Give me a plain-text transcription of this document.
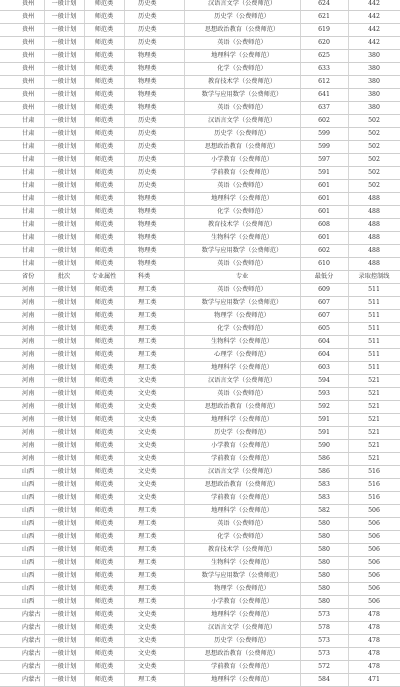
贵州	一般计划	师范类	历史类	汉语言文学（公费师范）	624	442
贵州	一般计划	师范类	历史类	历史学（公费师范）	621	442
贵州	一般计划	师范类	历史类	思想政治教育（公费师范）	619	442
贵州	一般计划	师范类	历史类	英语（公费师范）	620	442
贵州	一般计划	师范类	物理类	地理科学（公费师范）	625	380
贵州	一般计划	师范类	物理类	化学（公费师范）	633	380
贵州	一般计划	师范类	物理类	教育技术学（公费师范）	612	380
贵州	一般计划	师范类	物理类	数学与应用数学（公费师范）	641	380
贵州	一般计划	师范类	物理类	英语（公费师范）	637	380
甘肃	一般计划	师范类	历史类	汉语言文学（公费师范）	602	502
甘肃	一般计划	师范类	历史类	历史学（公费师范）	599	502
甘肃	一般计划	师范类	历史类	思想政治教育（公费师范）	599	502
甘肃	一般计划	师范类	历史类	小学教育（公费师范）	597	502
甘肃	一般计划	师范类	历史类	学前教育（公费师范）	591	502
甘肃	一般计划	师范类	历史类	英语（公费师范）	601	502
甘肃	一般计划	师范类	物理类	地理科学（公费师范）	601	488
甘肃	一般计划	师范类	物理类	化学（公费师范）	601	488
甘肃	一般计划	师范类	物理类	教育技术学（公费师范）	608	488
甘肃	一般计划	师范类	物理类	生物科学（公费师范）	601	488
甘肃	一般计划	师范类	物理类	数学与应用数学（公费师范）	602	488
甘肃	一般计划	师范类	物理类	英语（公费师范）	610	488
省份	批次	专业属性	科类	专业	最低分	录取控制线
河南	一般计划	师范类	理工类	英语（公费师范）	609	511
河南	一般计划	师范类	理工类	数学与应用数学（公费师范）	607	511
河南	一般计划	师范类	理工类	物理学（公费师范）	607	511
河南	一般计划	师范类	理工类	化学（公费师范）	605	511
河南	一般计划	师范类	理工类	生物科学（公费师范）	604	511
河南	一般计划	师范类	理工类	心理学（公费师范）	604	511
河南	一般计划	师范类	理工类	地理科学（公费师范）	603	511
河南	一般计划	师范类	文史类	汉语言文学（公费师范）	594	521
河南	一般计划	师范类	文史类	英语（公费师范）	593	521
河南	一般计划	师范类	文史类	思想政治教育（公费师范）	592	521
河南	一般计划	师范类	文史类	地理科学（公费师范）	591	521
河南	一般计划	师范类	文史类	历史学（公费师范）	591	521
河南	一般计划	师范类	文史类	小学教育（公费师范）	590	521
河南	一般计划	师范类	文史类	学前教育（公费师范）	586	521
山西	一般计划	师范类	文史类	汉语言文学（公费师范）	586	516
山西	一般计划	师范类	文史类	思想政治教育（公费师范）	583	516
山西	一般计划	师范类	文史类	学前教育（公费师范）	583	516
山西	一般计划	师范类	理工类	地理科学（公费师范）	582	506
山西	一般计划	师范类	理工类	英语（公费师范）	580	506
山西	一般计划	师范类	理工类	化学（公费师范）	580	506
山西	一般计划	师范类	理工类	教育技术学（公费师范）	580	506
山西	一般计划	师范类	理工类	生物科学（公费师范）	580	506
山西	一般计划	师范类	理工类	数学与应用数学（公费师范）	580	506
山西	一般计划	师范类	理工类	物理学（公费师范）	580	506
山西	一般计划	师范类	理工类	小学教育（公费师范）	580	506
内蒙古	一般计划	师范类	文史类	地理科学（公费师范）	573	478
内蒙古	一般计划	师范类	文史类	汉语言文学（公费师范）	578	478
内蒙古	一般计划	师范类	文史类	历史学（公费师范）	573	478
内蒙古	一般计划	师范类	文史类	思想政治教育（公费师范）	573	478
内蒙古	一般计划	师范类	文史类	学前教育（公费师范）	572	478
内蒙古	一般计划	师范类	理工类	地理科学（公费师范）	584	471
